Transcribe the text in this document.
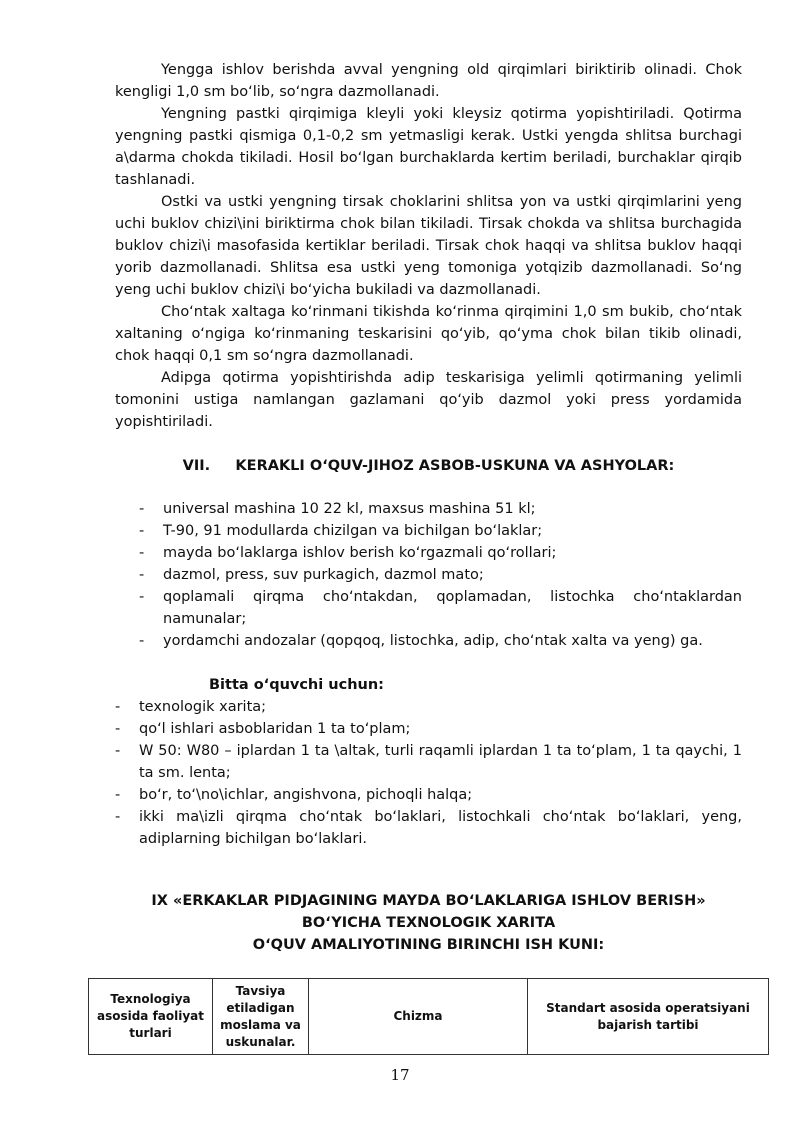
Yengga ishlov berishda avval yengning old qirqimlari biriktirib olinadi. Chok kengligi 1,0 sm bo‘lib, so‘ngra dazmollanadi.

Yengning pastki qirqimiga kleyli yoki kleysiz qotirma yopishtiriladi. Qotirma yengning pastki qismiga 0,1-0,2 sm yetmasligi kerak. Ustki yengda shlitsa burchagi a\darma chokda tikiladi. Hosil bo‘lgan burchaklarda kertim beriladi, burchaklar qirqib tashlanadi.

Ostki va ustki yengning tirsak choklarini shlitsa yon va ustki qirqimlarini yeng uchi buklov chizi\ini biriktirma chok bilan tikiladi. Tirsak chokda va shlitsa burchagida buklov chizi\i masofasida kertiklar beriladi. Tirsak chok haqqi va shlitsa buklov haqqi yorib dazmollanadi. Shlitsa esa ustki yeng tomoniga yotqizib dazmollanadi. So‘ng yeng uchi buklov chizi\i bo‘yicha bukiladi va dazmollanadi.

Cho‘ntak xaltaga ko‘rinmani tikishda ko‘rinma qirqimini 1,0 sm bukib, cho‘ntak xaltaning o‘ngiga ko‘rinmaning teskarisini qo‘yib, qo‘yma chok bilan tikib olinadi, chok haqqi 0,1 sm so‘ngra dazmollanadi.

Adipga qotirma yopishtirishda adip teskarisiga yelimli qotirmaning yelimli tomonini ustiga namlangan gazlamani qo‘yib dazmol yoki press yordamida yopishtiriladi.

VII. KERAKLI O‘QUV-JIHOZ ASBOB-USKUNA VA ASHYOLAR:

- universal mashina 10 22 kl, maxsus mashina 51 kl;
- T-90, 91 modullarda chizilgan va bichilgan bo‘laklar;
- mayda bo‘laklarga ishlov berish ko‘rgazmali qo‘rollari;
- dazmol, press, suv purkagich, dazmol mato;
- qoplamali qirqma cho‘ntakdan, qoplamadan, listochka cho‘ntaklardan namunalar;
- yordamchi andozalar (qopqoq, listochka, adip, cho‘ntak xalta va yeng) ga.

Bitta o‘quvchi uchun:

- texnologik xarita;
- qo‘l ishlari asboblaridan 1 ta to‘plam;
- W 50: W80 – iplardan 1 ta \altak, turli raqamli iplardan 1 ta to‘plam, 1 ta qaychi, 1 ta sm. lenta;
- bo‘r, to‘\no\ichlar, angishvona, pichoqli halqa;
- ikki ma\izli qirqma cho‘ntak bo‘laklari, listochkali cho‘ntak bo‘laklari, yeng, adiplarning bichilgan bo‘laklari.

IX «ERKAKLAR PIDJAGINING MAYDA BO‘LAKLARIGA ISHLOV BERISH»

BO‘YICHA TEXNOLOGIK XARITA

O‘QUV AMALIYOTINING BIRINCHI ISH KUNI:

Texnologiya asosida faoliyat turlari	Tavsiya etiladigan moslama va uskunalar.	Chizma	Standart asosida operatsiyani bajarish tartibi
17
